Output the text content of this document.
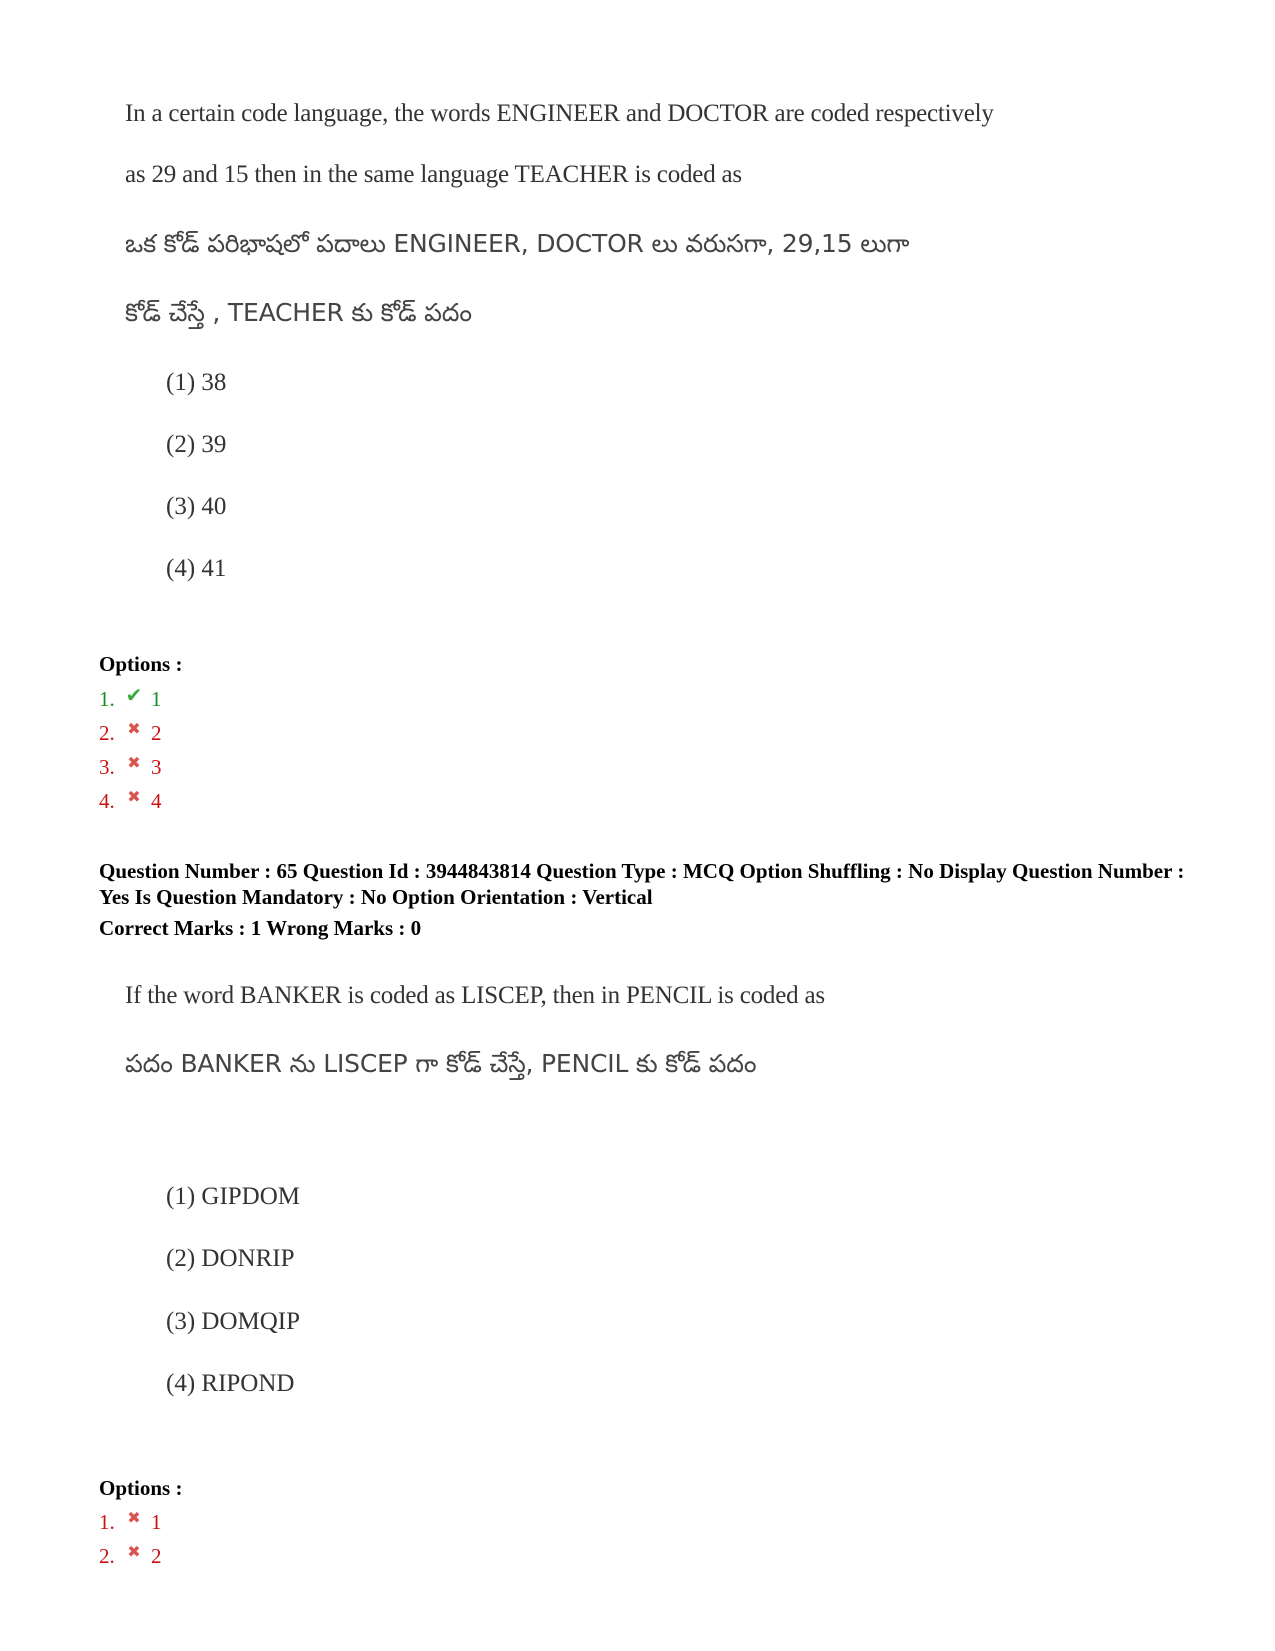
In a certain code language, the words ENGINEER and DOCTOR are coded respectively
as 29 and 15 then in the same language TEACHER is coded as
ఒక కోడ్ పరిభాషలో పదాలు ENGINEER, DOCTOR లు వరుసగా, 29,15 లుగా
కోడ్ చేస్తే , TEACHER కు కోడ్ పదం
(1) 38
(2) 39
(3) 40
(4) 41
Options :
1. ✔ 1
2. ✖ 2
3. ✖ 3
4. ✖ 4
Question Number : 65 Question Id : 3944843814 Question Type : MCQ Option Shuffling : No Display Question Number : Yes Is Question Mandatory : No Option Orientation : Vertical
Correct Marks : 1 Wrong Marks : 0
If the word BANKER is coded as LISCEP, then in PENCIL is coded as
పదం BANKER ను LISCEP గా కోడ్ చేస్తే, PENCIL కు కోడ్ పదం
(1) GIPDOM
(2) DONRIP
(3) DOMQIP
(4) RIPOND
Options :
1. ✖ 1
2. ✖ 2
